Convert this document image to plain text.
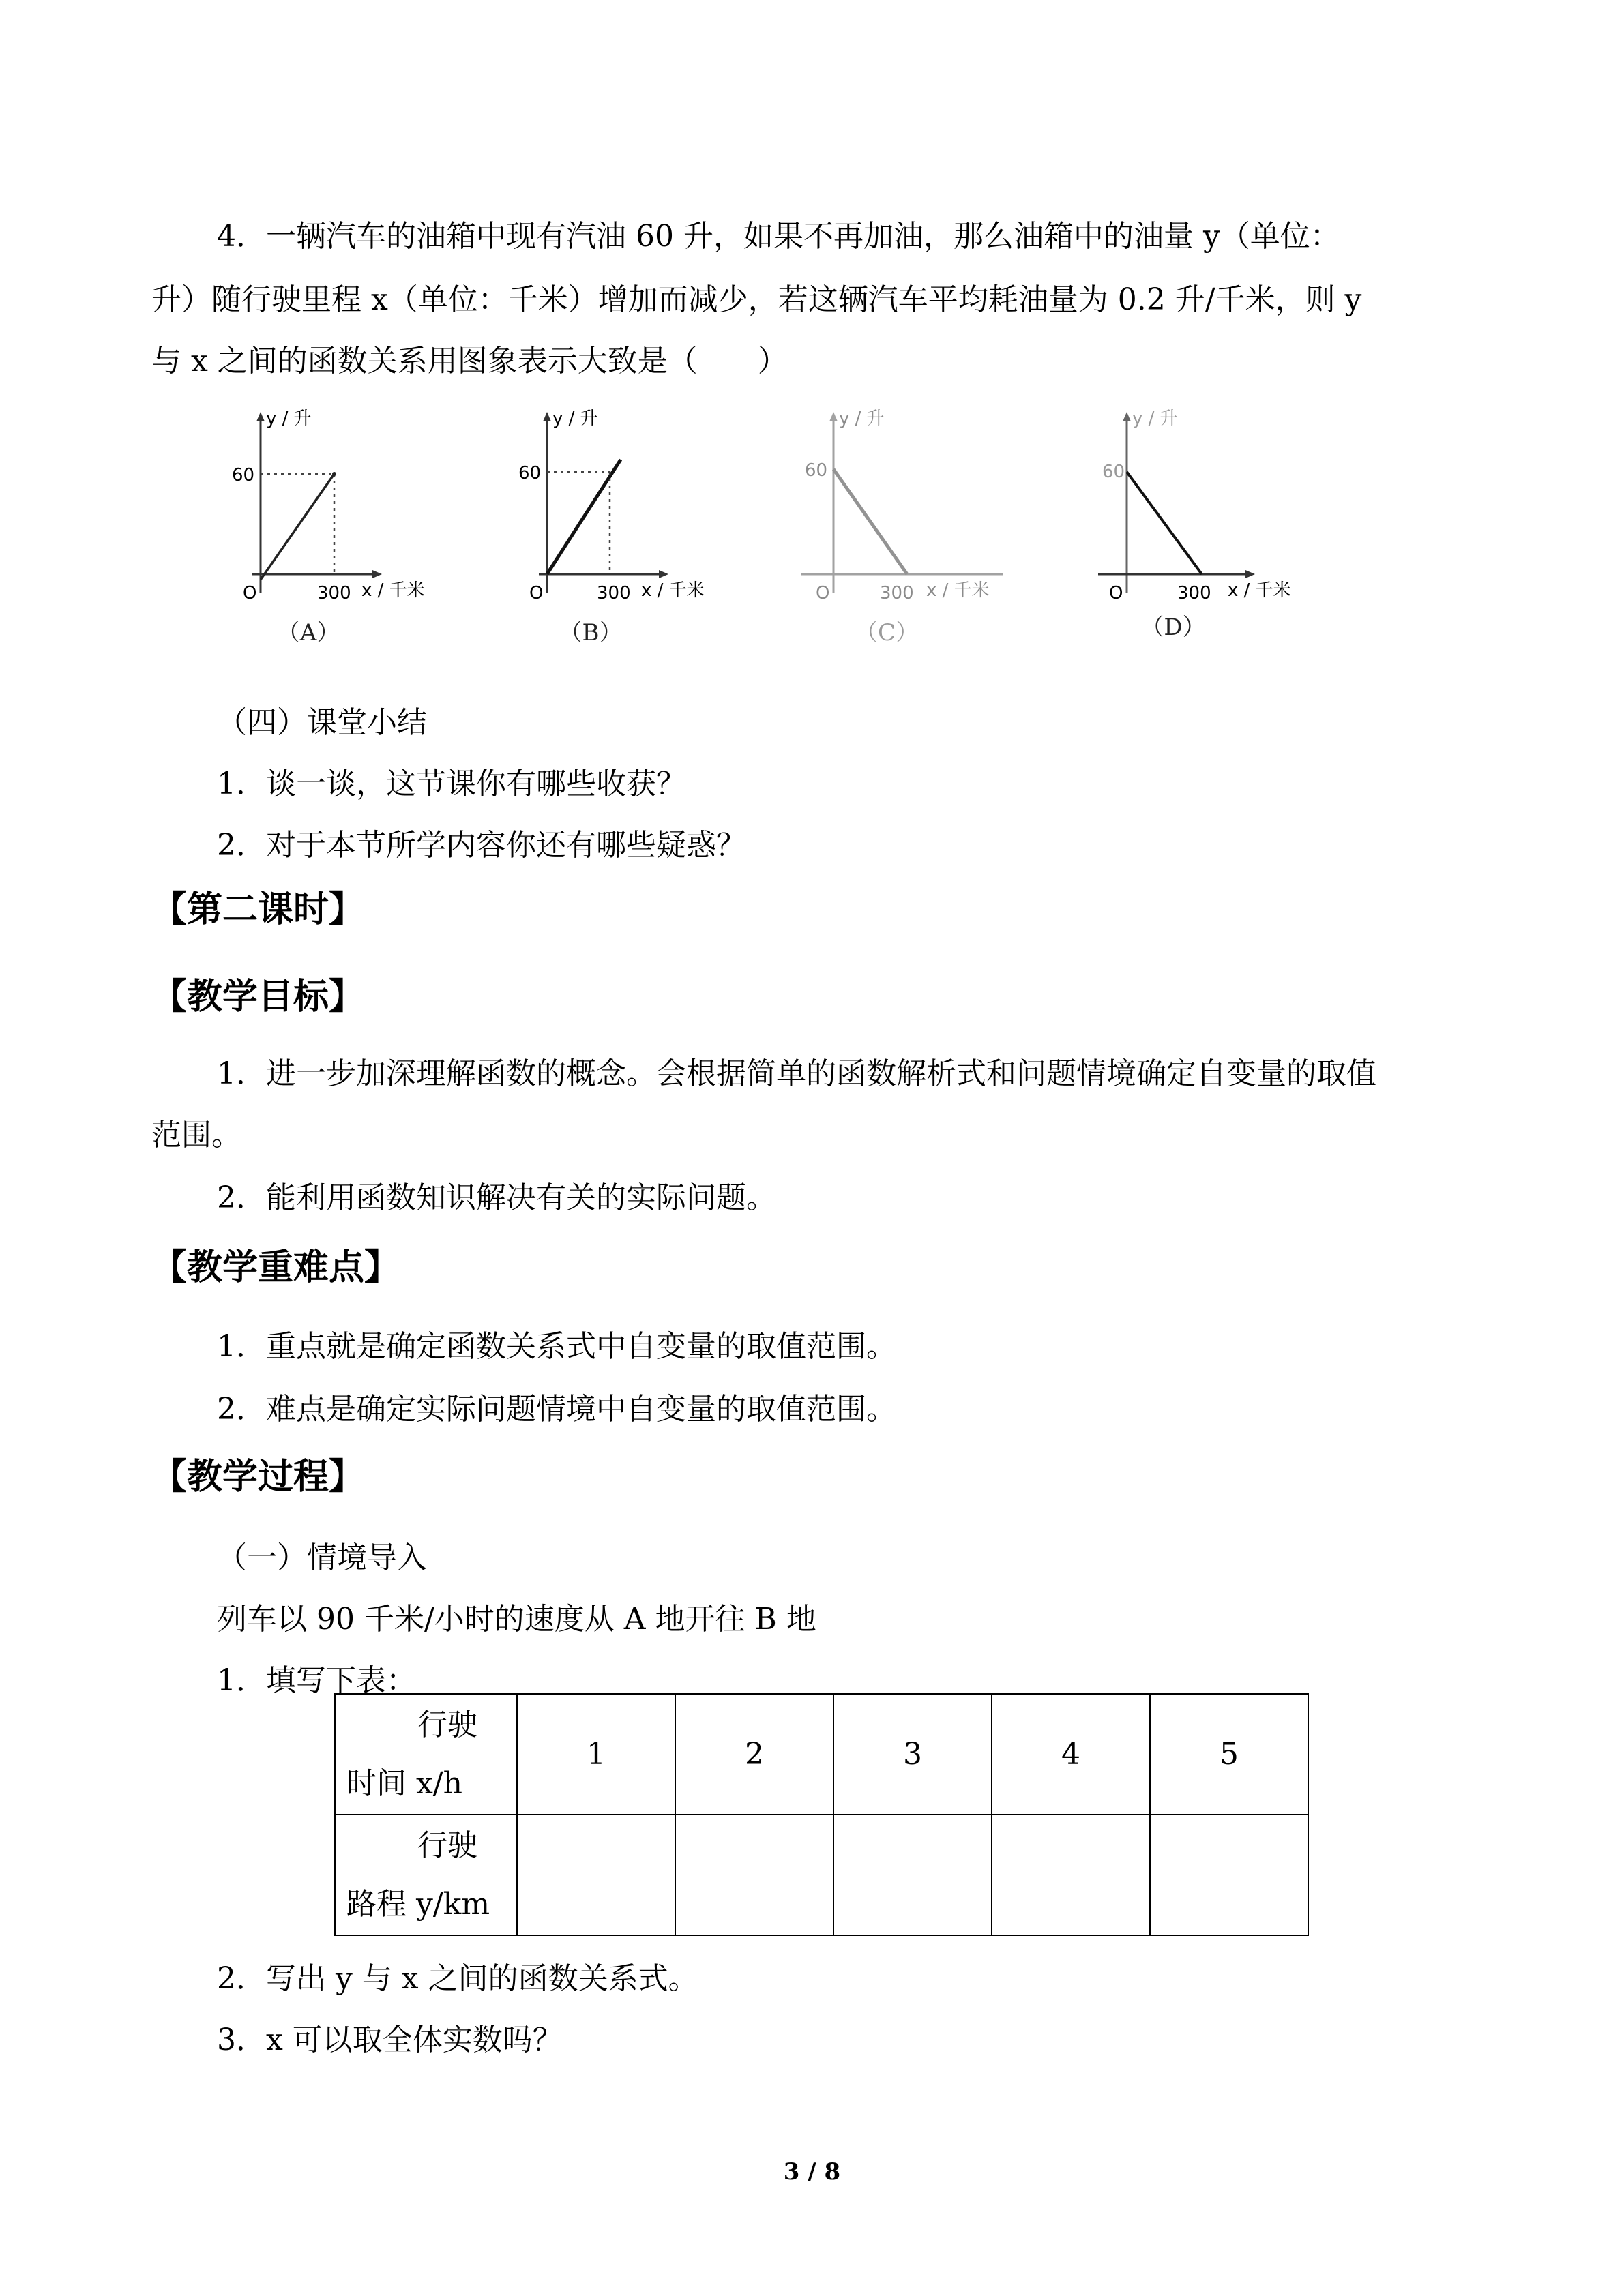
4．一辆汽车的油箱中现有汽油 60 升，如果不再加油，那么油箱中的油量 y（单位：
升）随行驶里程 x（单位：千米）增加而减少，若这辆汽车平均耗油量为 0.2 升/千米，则 y
与 x 之间的函数关系用图象表示大致是（　　）
y / 升
60
O	300 x / 千米
（A）
y / 升
60
O	300 x / 千米
（B）
y / 升
60
O	300 x / 千米
（C）
y / 升
60
O	300 x / 千米
（D）
（四）课堂小结
1．谈一谈，这节课你有哪些收获？
2．对于本节所学内容你还有哪些疑惑？
【第二课时】
【教学目标】
1．进一步加深理解函数的概念。会根据简单的函数解析式和问题情境确定自变量的取值
范围。
2．能利用函数知识解决有关的实际问题。
【教学重难点】
1．重点就是确定函数关系式中自变量的取值范围。
2．难点是确定实际问题情境中自变量的取值范围。
【教学过程】
（一）情境导入
列车以 90 千米/小时的速度从 A 地开往 B 地
1．填写下表：
行驶
时间 x/h	1	2	3	4	5

行驶
路程 y/km					

2．写出 y 与 x 之间的函数关系式。
3．x 可以取全体实数吗？
3 / 8
